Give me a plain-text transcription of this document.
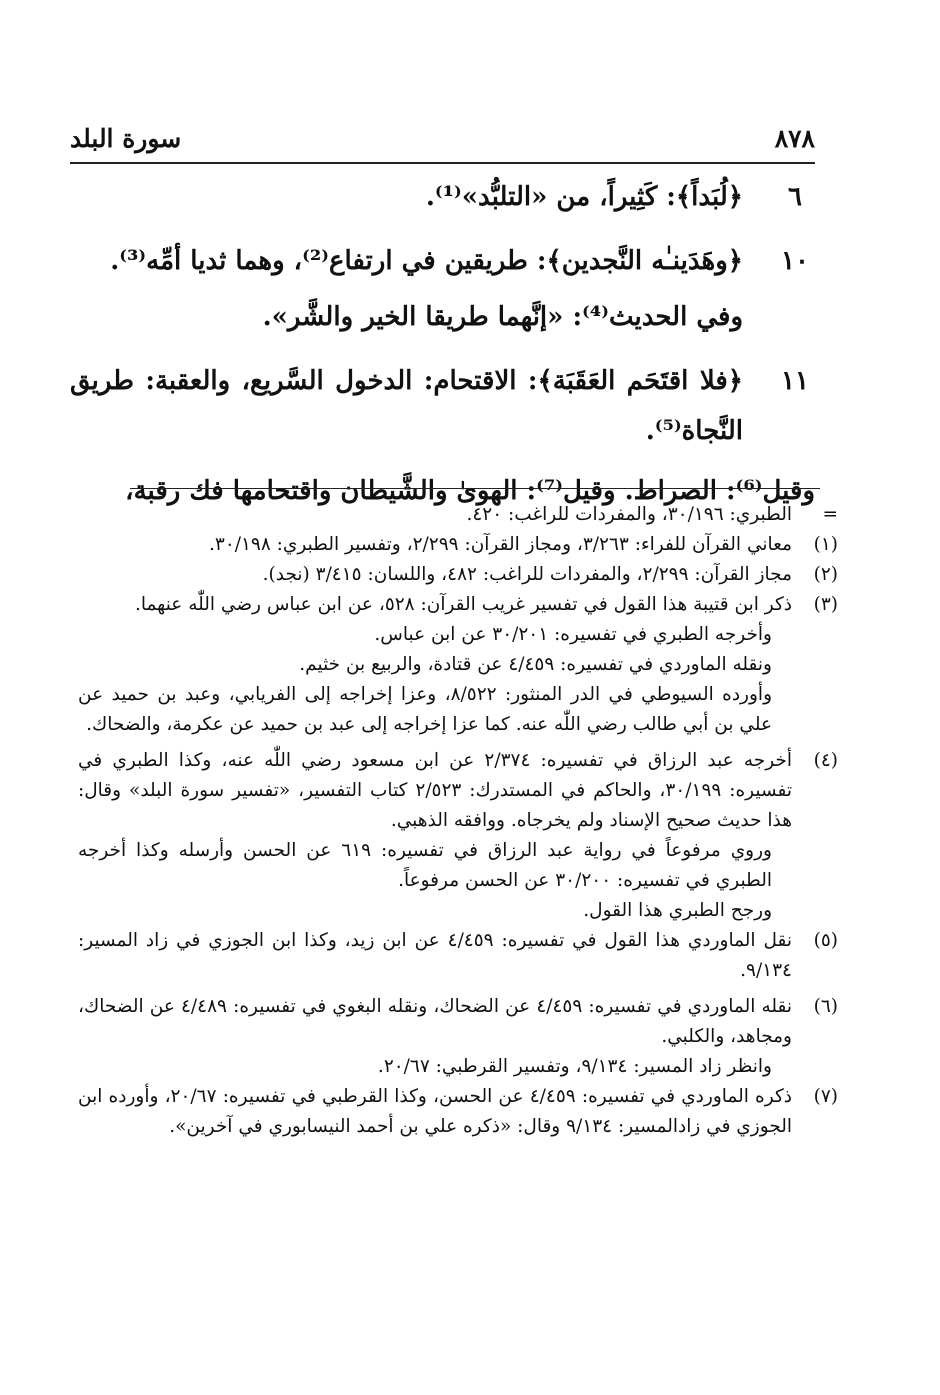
٨٧٨
سورة البلد
٦
﴿لُبَداً﴾: كَثِيراً، من «التلبُّد»⁽¹⁾.
١٠
﴿وهَدَينـٰه النَّجدين﴾: طريقين في ارتفاع⁽²⁾، وهما ثديا أمِّه⁽³⁾.
وفي الحديث⁽⁴⁾: «إنَّهما طريقا الخير والشَّر».
١١
﴿فلا اقتَحَم العَقَبَة﴾: الاقتحام: الدخول السَّريع، والعقبة: طريق النَّجاة⁽⁵⁾.
وقيل⁽⁶⁾: الصراط. وقيل⁽⁷⁾: الهوىٰ والشَّيطان واقتحامها فك رقبة،
=
الطبري: ٣٠/١٩٦، والمفردات للراغب: ٤٢٠.
(١)
معاني القرآن للفراء: ٣/٢٦٣، ومجاز القرآن: ٢/٢٩٩، وتفسير الطبري: ٣٠/١٩٨.
(٢)
مجاز القرآن: ٢/٢٩٩، والمفردات للراغب: ٤٨٢، واللسان: ٣/٤١٥ (نجد).
(٣)
ذكر ابن قتيبة هذا القول في تفسير غريب القرآن: ٥٢٨، عن ابن عباس رضي اللّٰه عنهما.
وأخرجه الطبري في تفسيره: ٣٠/٢٠١ عن ابن عباس.
ونقله الماوردي في تفسيره: ٤/٤٥٩ عن قتادة، والربيع بن خثيم.
وأورده السيوطي في الدر المنثور: ٨/٥٢٢، وعزا إخراجه إلى الفريابي، وعبد بن حميد عن علي بن أبي طالب رضي اللّٰه عنه. كما عزا إخراجه إلى عبد بن حميد عن عكرمة، والضحاك.
(٤)
أخرجه عبد الرزاق في تفسيره: ٢/٣٧٤ عن ابن مسعود رضي اللّٰه عنه، وكذا الطبري في تفسيره: ٣٠/١٩٩، والحاكم في المستدرك: ٢/٥٢٣ كتاب التفسير، «تفسير سورة البلد» وقال: هذا حديث صحيح الإسناد ولم يخرجاه. ووافقه الذهبي.
وروي مرفوعاً في رواية عبد الرزاق في تفسيره: ٦١٩ عن الحسن وأرسله وكذا أخرجه الطبري في تفسيره: ٣٠/٢٠٠ عن الحسن مرفوعاً.
ورجح الطبري هذا القول.
(٥)
نقل الماوردي هذا القول في تفسيره: ٤/٤٥٩ عن ابن زيد، وكذا ابن الجوزي في زاد المسير: ٩/١٣٤.
(٦)
نقله الماوردي في تفسيره: ٤/٤٥٩ عن الضحاك، ونقله البغوي في تفسيره: ٤/٤٨٩ عن الضحاك، ومجاهد، والكلبي.
وانظر زاد المسير: ٩/١٣٤، وتفسير القرطبي: ٢٠/٦٧.
(٧)
ذكره الماوردي في تفسيره: ٤/٤٥٩ عن الحسن، وكذا القرطبي في تفسيره: ٢٠/٦٧، وأورده ابن الجوزي في زادالمسير: ٩/١٣٤ وقال: «ذكره علي بن أحمد النيسابوري في آخرين».
